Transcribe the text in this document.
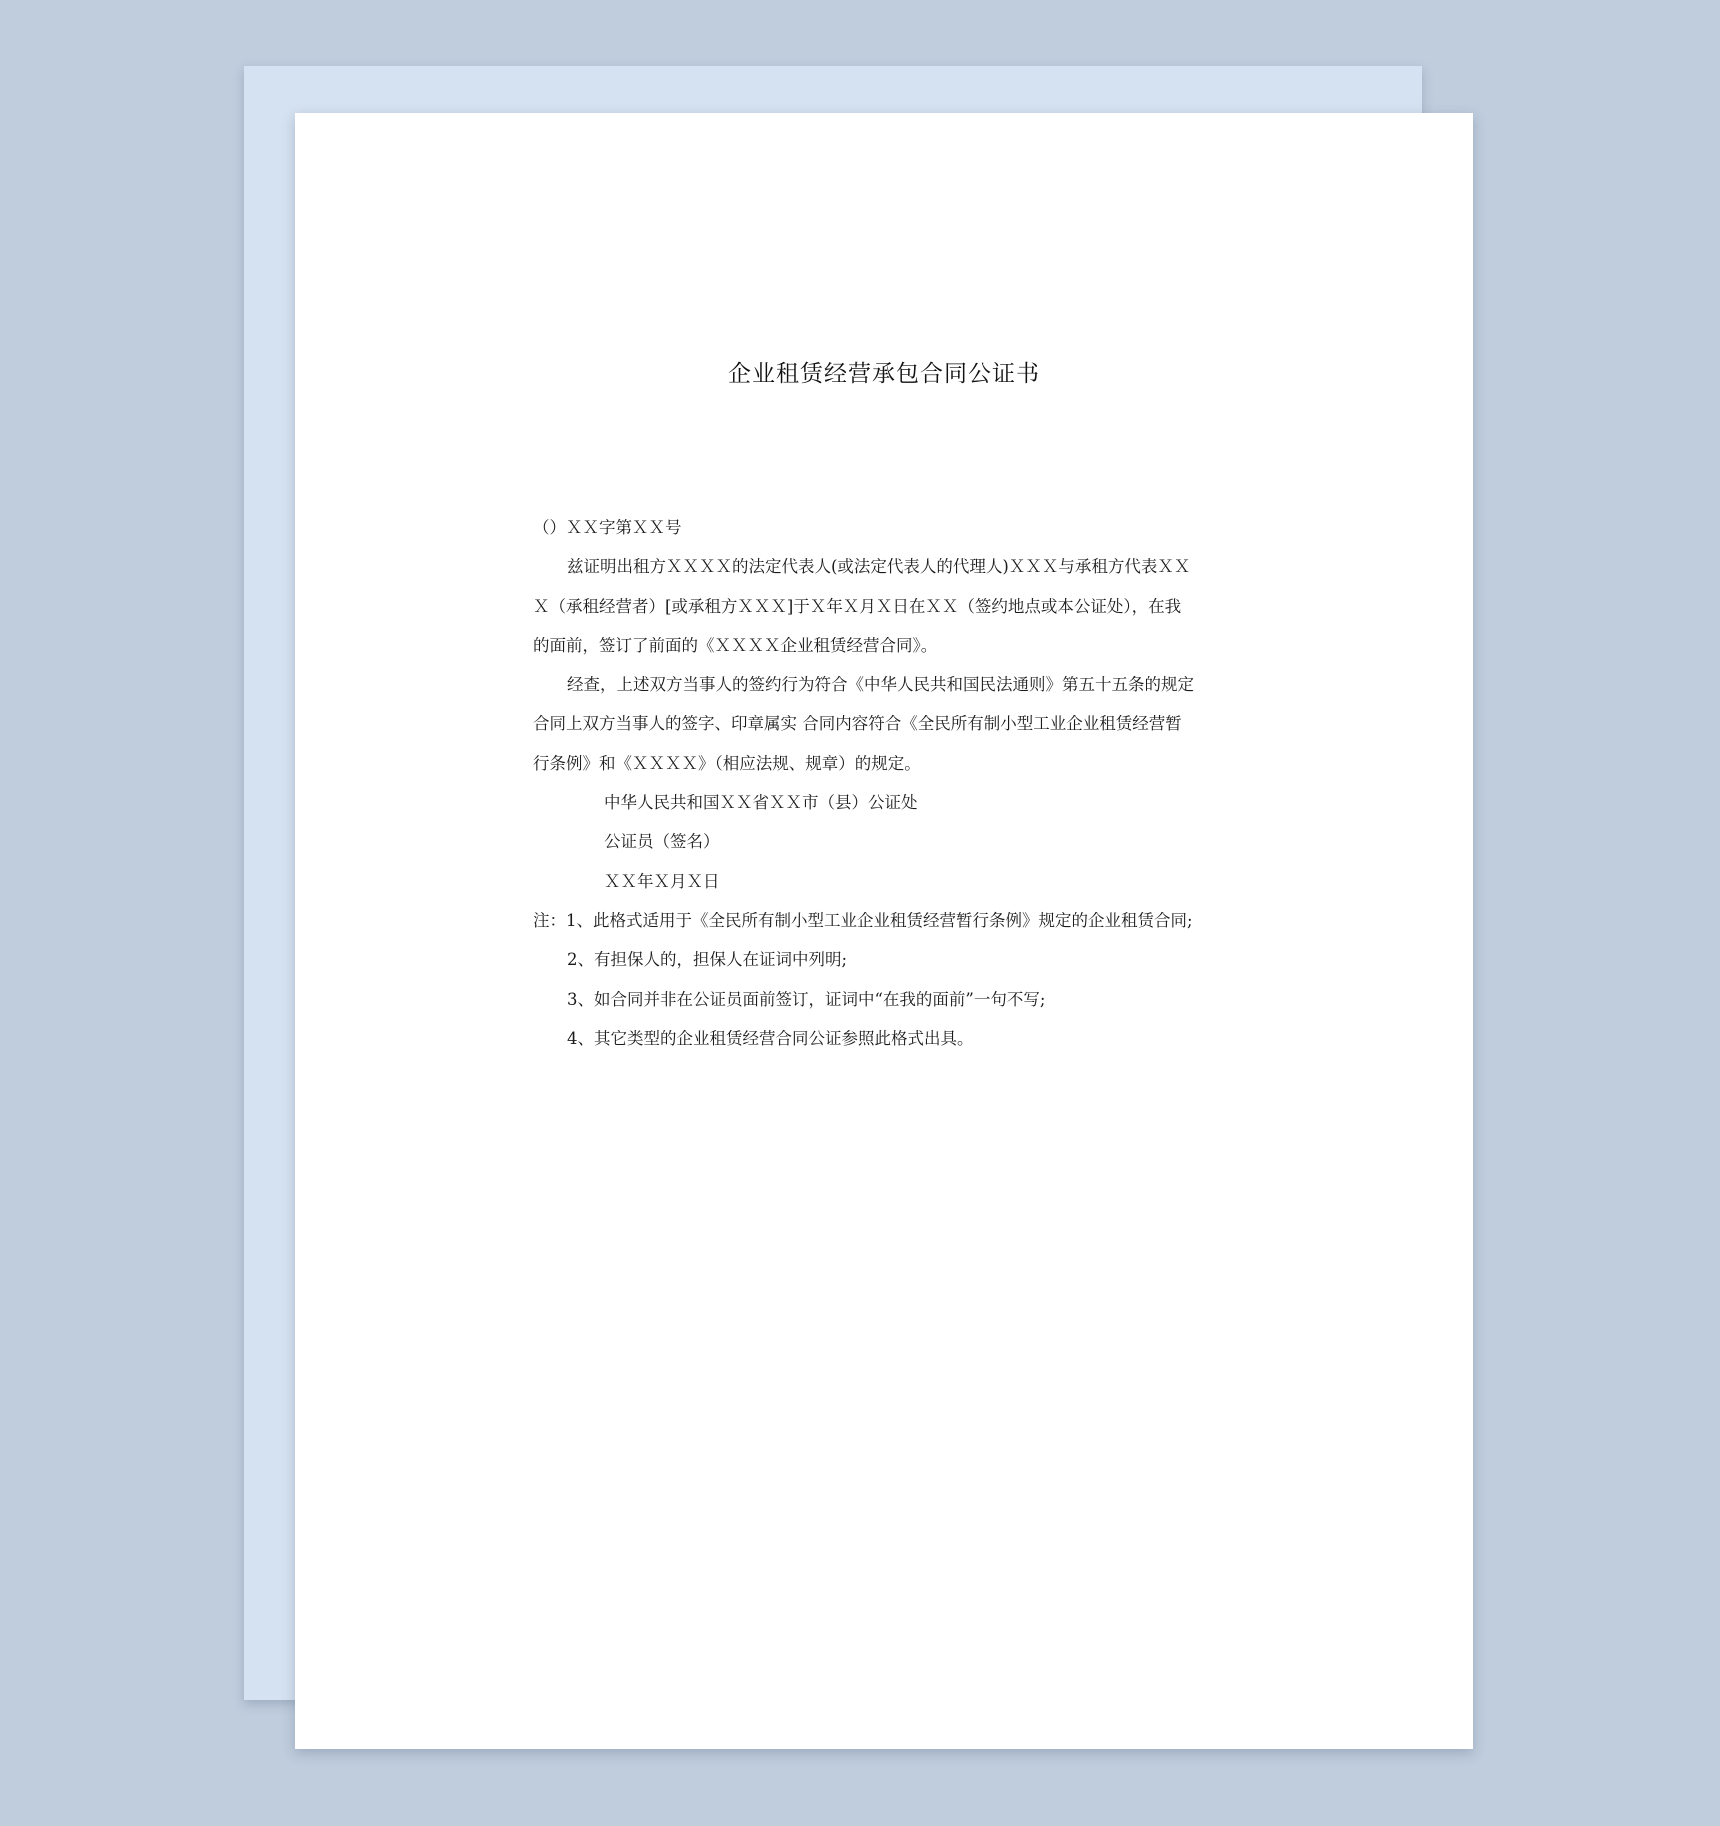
企业租赁经营承包合同公证书
（）ＸＸ字第ＸＸ号
兹证明出租方ＸＸＸＸ的法定代表人(或法定代表人的代理人)ＸＸＸ与承租方代表ＸＸ
Ｘ（承租经营者）[或承租方ＸＸＸ]于Ｘ年Ｘ月Ｘ日在ＸＸ（签约地点或本公证处），在我
的面前，签订了前面的《ＸＸＸＸ企业租赁经营合同》。
经查，上述双方当事人的签约行为符合《中华人民共和国民法通则》第五十五条的规定
合同上双方当事人的签字、印章属实 合同内容符合《全民所有制小型工业企业租赁经营暂
行条例》和《ＸＸＸＸ》（相应法规、规章）的规定。
中华人民共和国ＸＸ省ＸＸ市（县）公证处
公证员（签名）
ＸＸ年Ｘ月Ｘ日
注：1、此格式适用于《全民所有制小型工业企业租赁经营暂行条例》规定的企业租赁合同;
2、有担保人的，担保人在证词中列明;
3、如合同并非在公证员面前签订，证词中“在我的面前”一句不写;
4、其它类型的企业租赁经营合同公证参照此格式出具。
